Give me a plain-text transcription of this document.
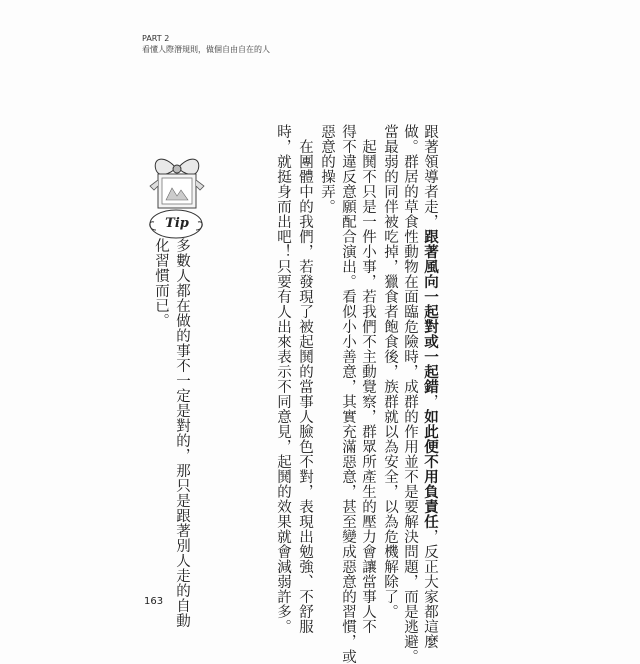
PART 2
看懂人際潛規則，做個自由自在的人
跟著領導者走，跟著風向一起對或一起錯，如此便不用負責任，反正大家都這麼
做。群居的草食性動物在面臨危險時，成群的作用並不是要解決問題，而是逃避。
當最弱的同伴被吃掉，獵食者飽食後，族群就以為安全，以為危機解除了。
　起鬨不只是一件小事，若我們不主動覺察，群眾所產生的壓力會讓當事人不
得不違反意願配合演出。看似小小善意，其實充滿惡意，甚至變成惡意的習慣，或
惡意的操弄。
　在團體中的我們，若發現了被起鬨的當事人臉色不對，表現出勉強、不舒服
時，就挺身而出吧！只要有人出來表示不同意見，起鬨的效果就會減弱許多。
Tip
多數人都在做的事不一定是對的，那只是跟著別人走的自動
化習慣而已。
163
